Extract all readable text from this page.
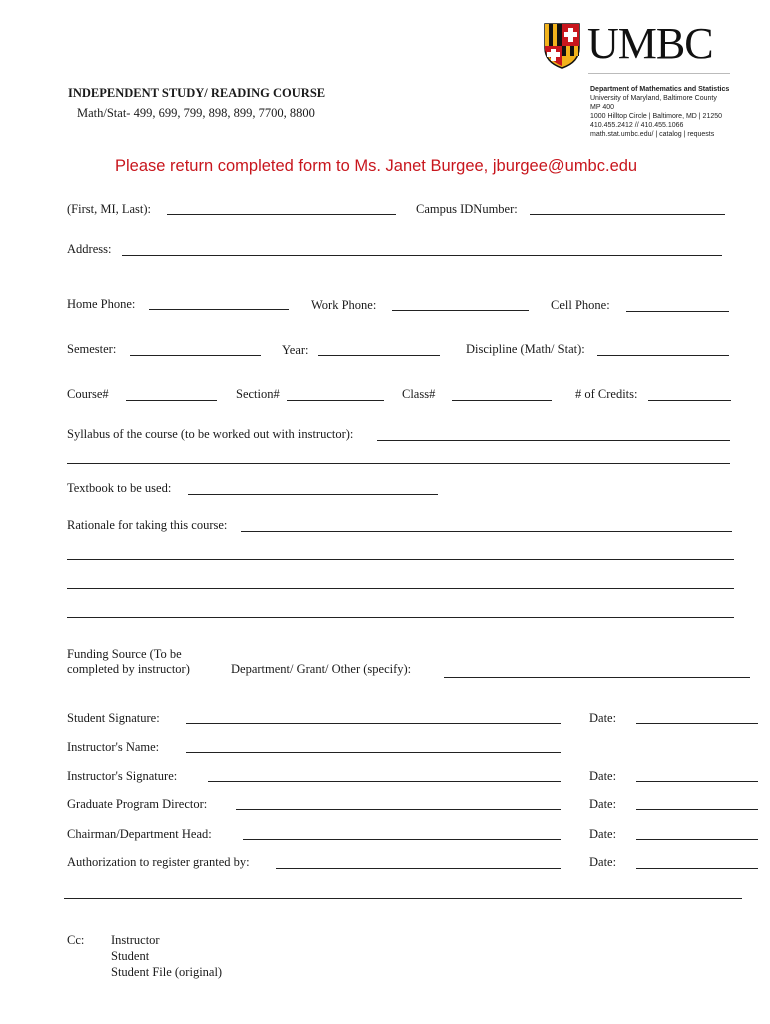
UMBC
Department of Mathematics and Statistics
University of Maryland, Baltimore County
MP 400
1000 Hilltop Circle | Baltimore, MD | 21250
410.455.2412 // 410.455.1066
math.stat.umbc.edu/ | catalog | requests
INDEPENDENT STUDY/ READING COURSE
Math/Stat- 499, 699, 799, 898, 899, 7700, 8800
Please return completed form to Ms. Janet Burgee, jburgee@umbc.edu
(First, MI, Last):	Campus IDNumber:
Address:
Home Phone:	Work Phone:	Cell Phone:
Semester:	Year:	Discipline (Math/ Stat):
Course#	Section#	Class#	# of Credits:
Syllabus of the course (to be worked out with instructor):
Textbook to be used:
Rationale for taking this course:
Funding Source (To be
completed by instructor)	Department/ Grant/ Other (specify):
Student Signature:	Date:
Instructor's Name:
Instructor's Signature:	Date:
Graduate Program Director:	Date:
Chairman/Department Head:	Date:
Authorization to register granted by:	Date:
Cc: Instructor
Student
Student File (original)
